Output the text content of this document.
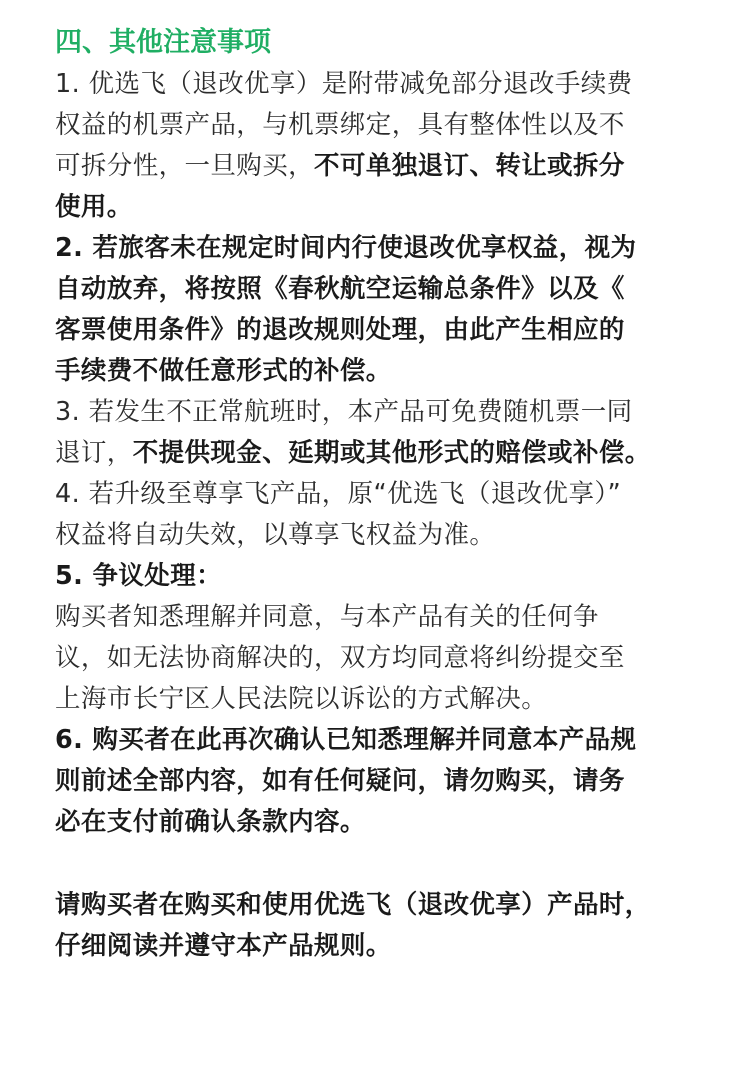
四、其他注意事项
1. 优选飞（退改优享）是附带减免部分退改手续费
权益的机票产品，与机票绑定，具有整体性以及不
可拆分性，一旦购买，不可单独退订、转让或拆分
使用。
2. 若旅客未在规定时间内行使退改优享权益，视为
自动放弃，将按照《春秋航空运输总条件》以及《
客票使用条件》的退改规则处理，由此产生相应的
手续费不做任意形式的补偿。
3. 若发生不正常航班时，本产品可免费随机票一同
退订，不提供现金、延期或其他形式的赔偿或补偿。
4. 若升级至尊享飞产品，原“优选飞（退改优享）”
权益将自动失效，以尊享飞权益为准。
5. 争议处理：
购买者知悉理解并同意，与本产品有关的任何争
议，如无法协商解决的，双方均同意将纠纷提交至
上海市长宁区人民法院以诉讼的方式解决。
6. 购买者在此再次确认已知悉理解并同意本产品规
则前述全部内容，如有任何疑问，请勿购买，请务
必在支付前确认条款内容。
请购买者在购买和使用优选飞（退改优享）产品时，
仔细阅读并遵守本产品规则。
